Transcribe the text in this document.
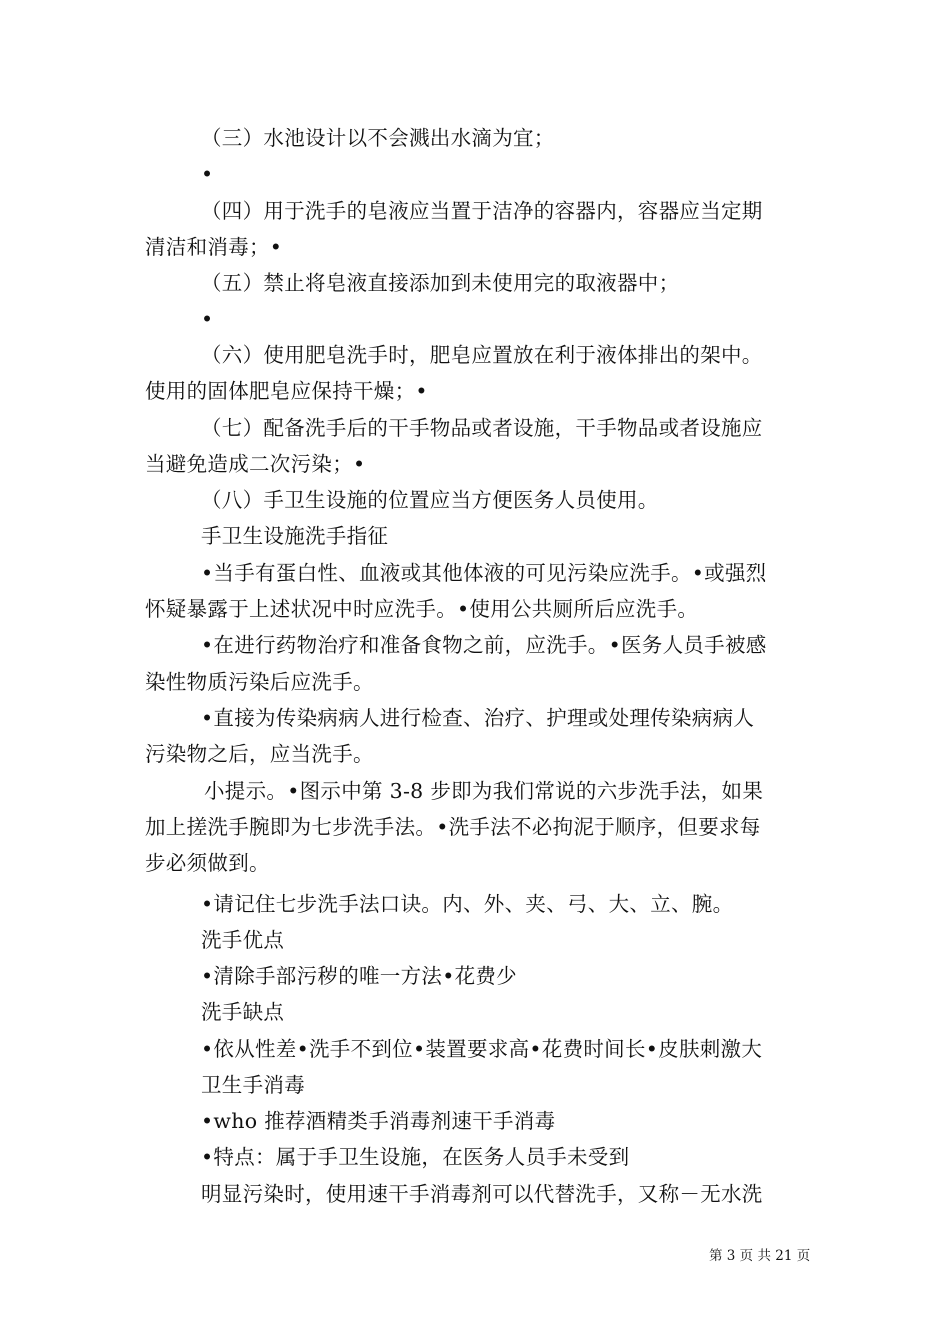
（三）水池设计以不会溅出水滴为宜；
•
（四）用于洗手的皂液应当置于洁净的容器内，容器应当定期
清洁和消毒；•
（五）禁止将皂液直接添加到未使用完的取液器中；
•
（六）使用肥皂洗手时，肥皂应置放在利于液体排出的架中。
使用的固体肥皂应保持干燥；•
（七）配备洗手后的干手物品或者设施，干手物品或者设施应
当避免造成二次污染；•
（八）手卫生设施的位置应当方便医务人员使用。
手卫生设施洗手指征
•当手有蛋白性、血液或其他体液的可见污染应洗手。•或强烈
怀疑暴露于上述状况中时应洗手。•使用公共厕所后应洗手。
•在进行药物治疗和准备食物之前，应洗手。•医务人员手被感
染性物质污染后应洗手。
•直接为传染病病人进行检查、治疗、护理或处理传染病病人
污染物之后，应当洗手。
小提示。•图示中第 3-8 步即为我们常说的六步洗手法，如果
加上搓洗手腕即为七步洗手法。•洗手法不必拘泥于顺序，但要求每
步必须做到。
•请记住七步洗手法口诀。内、外、夹、弓、大、立、腕。
洗手优点
•清除手部污秽的唯一方法•花费少
洗手缺点
•依从性差•洗手不到位•装置要求高•花费时间长•皮肤刺激大
卫生手消毒
•who 推荐酒精类手消毒剂速干手消毒
•特点：属于手卫生设施，在医务人员手未受到
明显污染时，使用速干手消毒剂可以代替洗手，又称－无水洗
第 3 页 共 21 页
